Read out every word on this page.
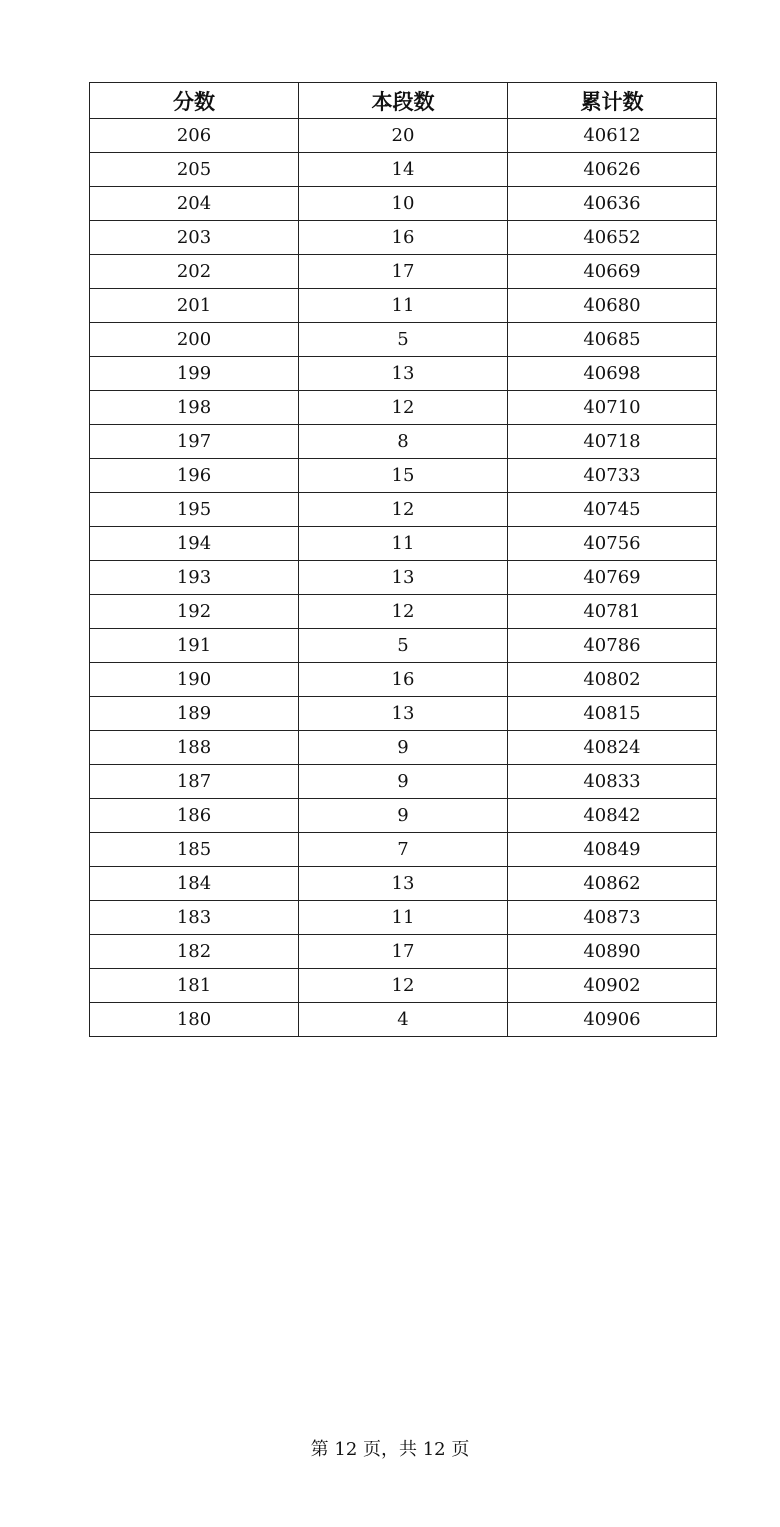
分数	本段数	累计数
206	20	40612
205	14	40626
204	10	40636
203	16	40652
202	17	40669
201	11	40680
200	5	40685
199	13	40698
198	12	40710
197	8	40718
196	15	40733
195	12	40745
194	11	40756
193	13	40769
192	12	40781
191	5	40786
190	16	40802
189	13	40815
188	9	40824
187	9	40833
186	9	40842
185	7	40849
184	13	40862
183	11	40873
182	17	40890
181	12	40902
180	4	40906
第 12 页，共 12 页
